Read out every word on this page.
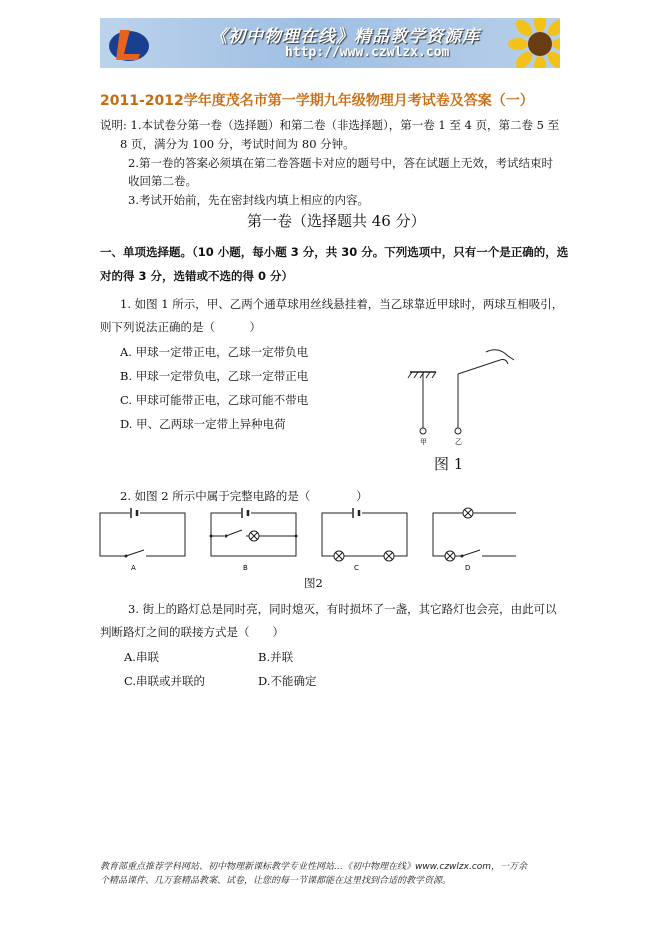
《初中物理在线》精品教学资源库
http://www.czwlzx.com
2011-2012学年度茂名市第一学期九年级物理月考试卷及答案（一）
说明: 1.本试卷分第一卷（选择题）和第二卷（非选择题），第一卷 1 至 4 页，第二卷 5 至
8 页，满分为 100 分，考试时间为 80 分钟。
2.第一卷的答案必须填在第二卷答题卡对应的题号中，答在试题上无效，考试结束时
收回第二卷。
3.考试开始前，先在密封线内填上相应的内容。
第一卷（选择题共 46 分）
一、单项选择题。（10 小题，每小题 3 分，共 30 分。下列选项中，只有一个是正确的，选
对的得 3 分，选错或不选的得 0 分）
1. 如图 1 所示，甲、乙两个通草球用丝线悬挂着，当乙球靠近甲球时，两球互相吸引，
则下列说法正确的是（　　　）
A. 甲球一定带正电，乙球一定带负电
B. 甲球一定带负电，乙球一定带正电
C. 甲球可能带正电，乙球可能不带电
D. 甲、乙两球一定带上异种电荷
甲	乙
图 1
2. 如图 2 所示中属于完整电路的是（　　　　）
A	B	C	D
图2
3. 街上的路灯总是同时亮，同时熄灭，有时损坏了一盏，其它路灯也会亮，由此可以
判断路灯之间的联接方式是（　　）
A.串联	B.并联
C.串联或并联的	D.不能确定
教育部重点推荐学科网站、初中物理新课标教学专业性网站…《初中物理在线》www.czwlzx.com，一万余
个精品课件、几万套精品教案、试卷，让您的每一节课都能在这里找到合适的教学资源。
